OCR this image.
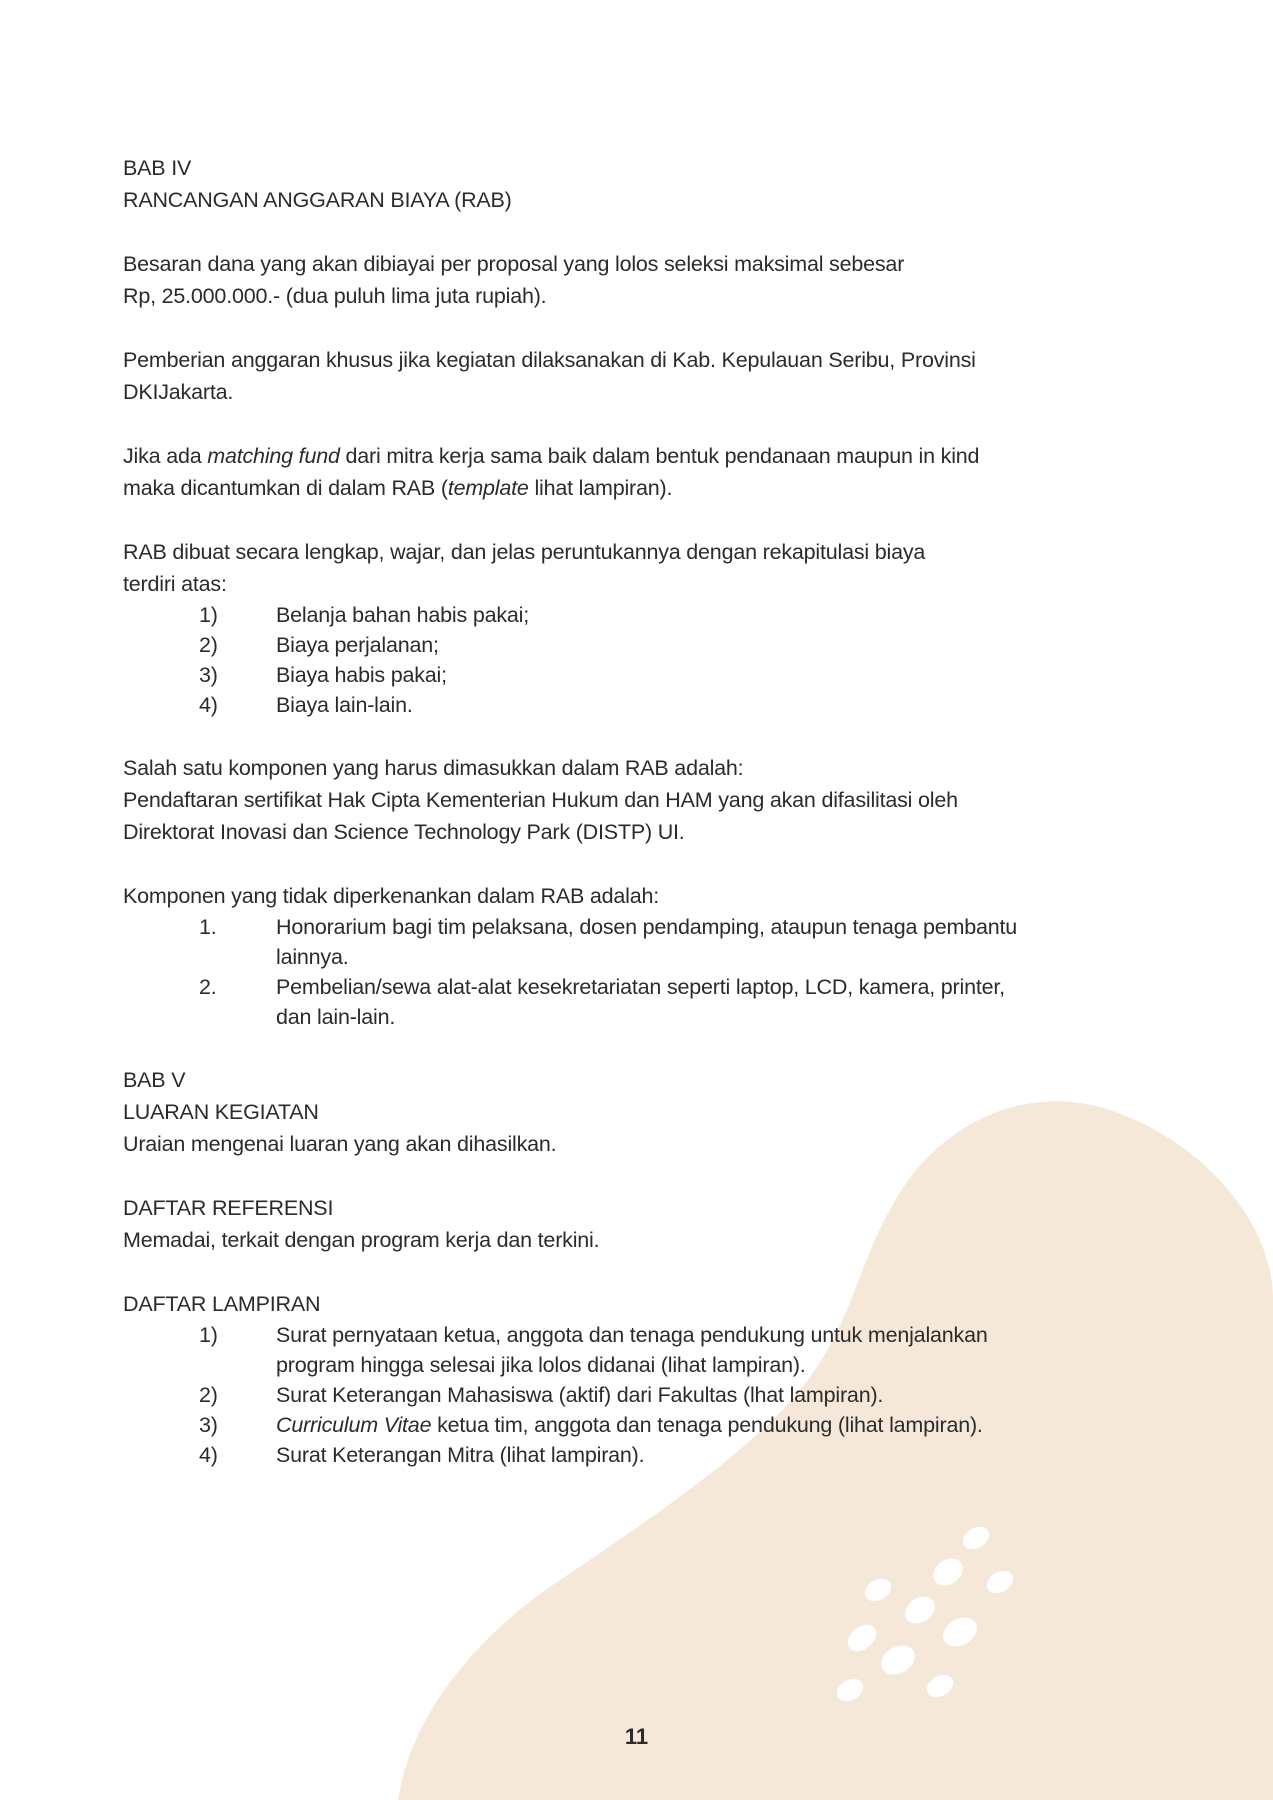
BAB IV

RANCANGAN ANGGARAN BIAYA (RAB)

Besaran dana yang akan dibiayai per proposal yang lolos seleksi maksimal sebesar
Rp, 25.000.000.- (dua puluh lima juta rupiah).

Pemberian anggaran khusus jika kegiatan dilaksanakan di Kab. Kepulauan Seribu, Provinsi
DKIJakarta.

Jika ada matching fund dari mitra kerja sama baik dalam bentuk pendanaan maupun in kind
maka dicantumkan di dalam RAB (template lihat lampiran).

RAB dibuat secara lengkap, wajar, dan jelas peruntukannya dengan rekapitulasi biaya
terdiri atas:

1)	Belanja bahan habis pakai;
2)	Biaya perjalanan;
3)	Biaya habis pakai;
4)	Biaya lain-lain.

Salah satu komponen yang harus dimasukkan dalam RAB adalah:
Pendaftaran sertifikat Hak Cipta Kementerian Hukum dan HAM yang akan difasilitasi oleh
Direktorat Inovasi dan Science Technology Park (DISTP) UI.

Komponen yang tidak diperkenankan dalam RAB adalah:

1.	Honorarium bagi tim pelaksana, dosen pendamping, ataupun tenaga pembantu
lainnya.
2.	Pembelian/sewa alat-alat kesekretariatan seperti laptop, LCD, kamera, printer,
dan lain-lain.

BAB V

LUARAN KEGIATAN

Uraian mengenai luaran yang akan dihasilkan.

DAFTAR REFERENSI

Memadai, terkait dengan program kerja dan terkini.

DAFTAR LAMPIRAN

1)	Surat pernyataan ketua, anggota dan tenaga pendukung untuk menjalankan
program hingga selesai jika lolos didanai (lihat lampiran).
2)	Surat Keterangan Mahasiswa (aktif) dari Fakultas (lhat lampiran).
3)	Curriculum Vitae ketua tim, anggota dan tenaga pendukung (lihat lampiran).
4)	Surat Keterangan Mitra (lihat lampiran).
11
